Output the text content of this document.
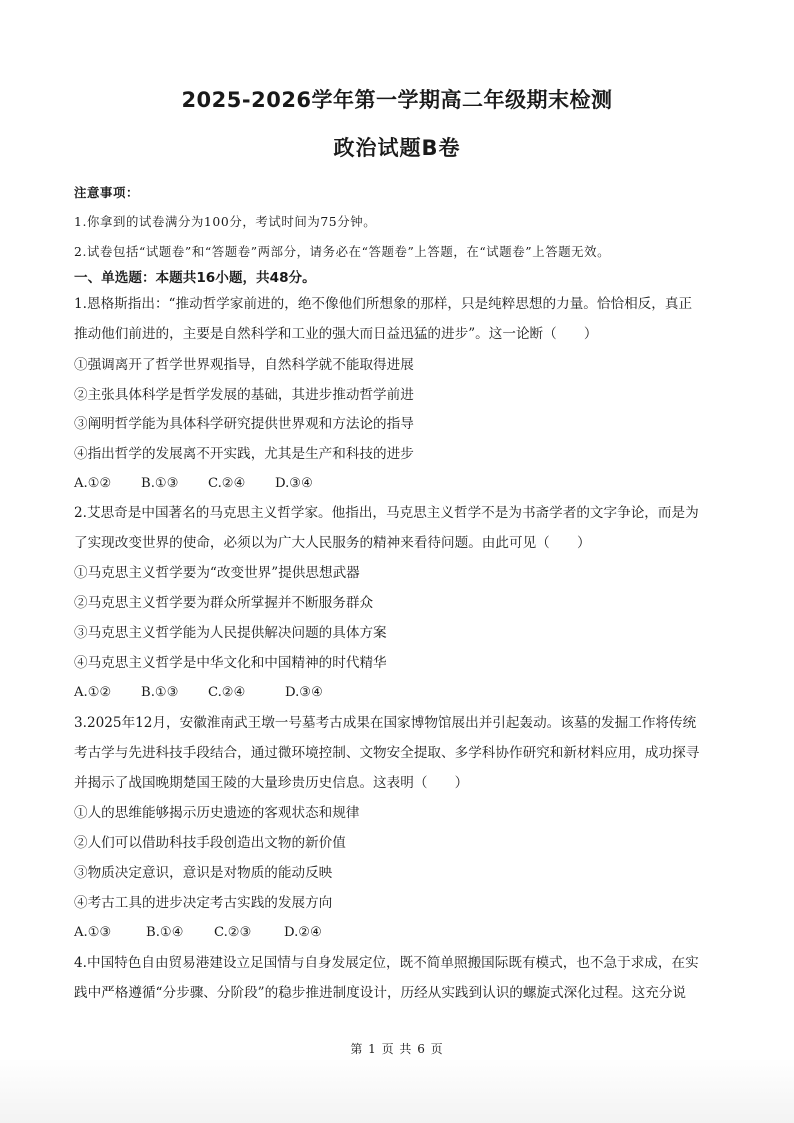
2025-2026学年第一学期高二年级期末检测
政治试题B卷
注意事项：
1.你拿到的试卷满分为100分，考试时间为75分钟。
2.试卷包括“试题卷”和“答题卷”两部分，请务必在“答题卷”上答题，在“试题卷”上答题无效。
一、单选题：本题共16小题，共48分。
1.恩格斯指出：“推动哲学家前进的，绝不像他们所想象的那样，只是纯粹思想的力量。恰恰相反，真正
推动他们前进的，主要是自然科学和工业的强大而日益迅猛的进步”。这一论断（　　）
①强调离开了哲学世界观指导，自然科学就不能取得进展
②主张具体科学是哲学发展的基础，其进步推动哲学前进
③阐明哲学能为具体科学研究提供世界观和方法论的指导
④指出哲学的发展离不开实践，尤其是生产和科技的进步
A.①② B.①③ C.②④ D.③④
2.艾思奇是中国著名的马克思主义哲学家。他指出，马克思主义哲学不是为书斋学者的文字争论，而是为
了实现改变世界的使命，必须以为广大人民服务的精神来看待问题。由此可见（　　）
①马克思主义哲学要为“改变世界”提供思想武器
②马克思主义哲学要为群众所掌握并不断服务群众
③马克思主义哲学能为人民提供解决问题的具体方案
④马克思主义哲学是中华文化和中国精神的时代精华
A.①② B.①③ C.②④	D.③④
3.2025年12月，安徽淮南武王墩一号墓考古成果在国家博物馆展出并引起轰动。该墓的发掘工作将传统
考古学与先进科技手段结合，通过微环境控制、文物安全提取、多学科协作研究和新材料应用，成功探寻
并揭示了战国晚期楚国王陵的大量珍贵历史信息。这表明（　　）
①人的思维能够揭示历史遗迹的客观状态和规律
②人们可以借助科技手段创造出文物的新价值
③物质决定意识，意识是对物质的能动反映
④考古工具的进步决定考古实践的发展方向
A.①③	B.①④ C.②③ D.②④
4.中国特色自由贸易港建设立足国情与自身发展定位，既不简单照搬国际既有模式，也不急于求成，在实
践中严格遵循“分步骤、分阶段”的稳步推进制度设计，历经从实践到认识的螺旋式深化过程。这充分说
第 1 页 共 6 页
